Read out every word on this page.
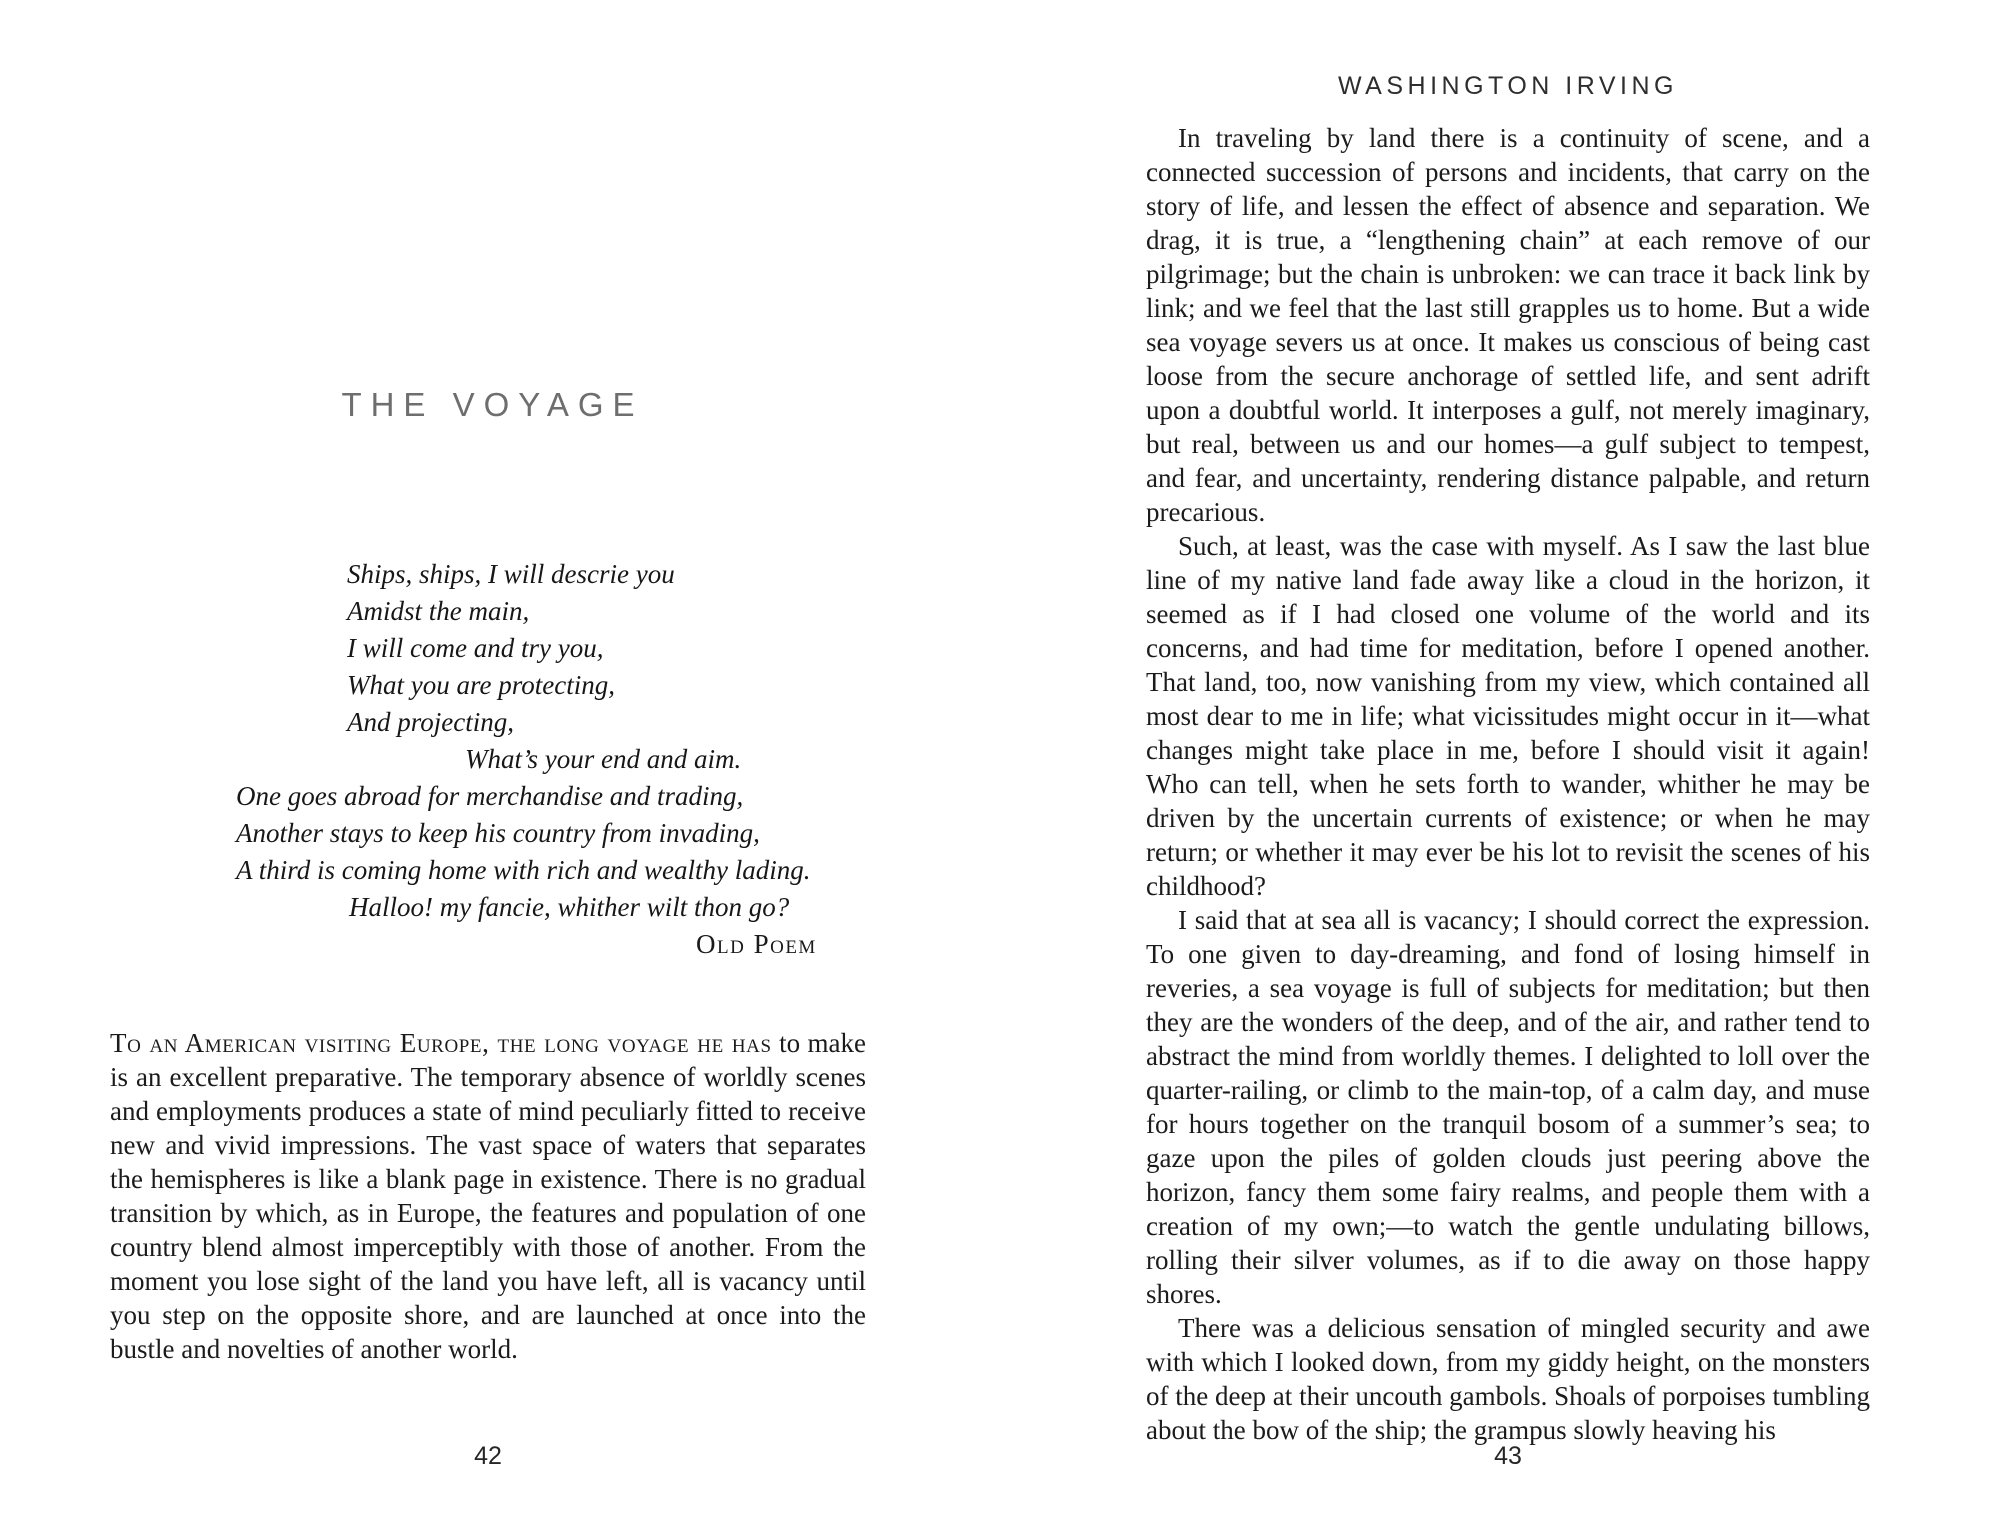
THE VOYAGE
Ships, ships, I will descrie you
Amidst the main,
I will come and try you,
What you are protecting,
And projecting,
What’s your end and aim.
One goes abroad for merchandise and trading,
Another stays to keep his country from invading,
A third is coming home with rich and wealthy lading.
Halloo! my fancie, whither wilt thon go?
Old Poem

To an American visiting Europe, the long voyage he has to make is an excellent preparative. The temporary absence of worldly scenes and employments produces a state of mind peculiarly fitted to receive new and vivid impressions. The vast space of waters that separates the hemispheres is like a blank page in existence. There is no gradual transition by which, as in Europe, the features and population of one country blend almost imperceptibly with those of another. From the moment you lose sight of the land you have left, all is vacancy until you step on the opposite shore, and are launched at once into the bustle and novelties of another world.

42
WASHINGTON IRVING

In traveling by land there is a continuity of scene, and a connected succession of persons and incidents, that carry on the story of life, and lessen the effect of absence and separation. We drag, it is true, a “lengthening chain” at each remove of our pilgrimage; but the chain is unbroken: we can trace it back link by link; and we feel that the last still grapples us to home. But a wide sea voyage severs us at once. It makes us conscious of being cast loose from the secure anchorage of settled life, and sent adrift upon a doubtful world. It interposes a gulf, not merely imaginary, but real, between us and our homes—a gulf subject to tempest, and fear, and uncertainty, rendering distance palpable, and return precarious.

Such, at least, was the case with myself. As I saw the last blue line of my native land fade away like a cloud in the horizon, it seemed as if I had closed one volume of the world and its concerns, and had time for meditation, before I opened another. That land, too, now vanishing from my view, which contained all most dear to me in life; what vicissitudes might occur in it—what changes might take place in me, before I should visit it again! Who can tell, when he sets forth to wander, whither he may be driven by the uncertain currents of existence; or when he may return; or whether it may ever be his lot to revisit the scenes of his childhood?

I said that at sea all is vacancy; I should correct the expression. To one given to day-dreaming, and fond of losing himself in reveries, a sea voyage is full of subjects for meditation; but then they are the wonders of the deep, and of the air, and rather tend to abstract the mind from worldly themes. I delighted to loll over the quarter-railing, or climb to the main-top, of a calm day, and muse for hours together on the tranquil bosom of a summer’s sea; to gaze upon the piles of golden clouds just peering above the horizon, fancy them some fairy realms, and people them with a creation of my own;—to watch the gentle undulating billows, rolling their silver volumes, as if to die away on those happy shores.

There was a delicious sensation of mingled security and awe with which I looked down, from my giddy height, on the monsters of the deep at their uncouth gambols. Shoals of porpoises tumbling about the bow of the ship; the grampus slowly heaving his

43
